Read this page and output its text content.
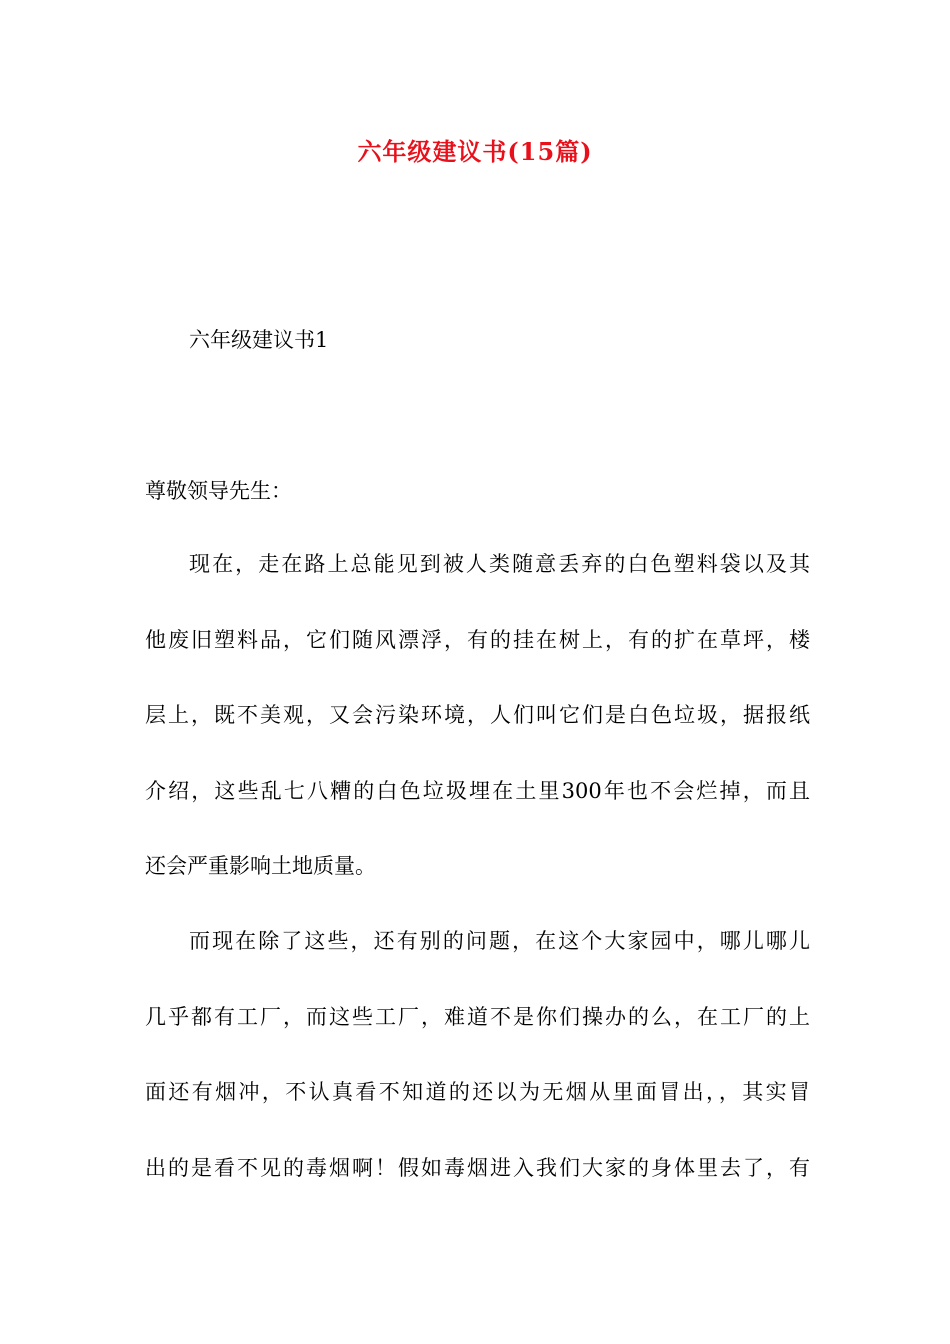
六年级建议书(15篇)
六年级建议书1
尊敬领导先生：
现在，走在路上总能见到被人类随意丢弃的白色塑料袋以及其
他废旧塑料品，它们随风漂浮，有的挂在树上，有的扩在草坪，楼
层上，既不美观，又会污染环境，人们叫它们是白色垃圾，据报纸
介绍，这些乱七八糟的白色垃圾埋在土里300年也不会烂掉，而且
还会严重影响土地质量。
而现在除了这些，还有别的问题，在这个大家园中，哪儿哪儿
几乎都有工厂，而这些工厂，难道不是你们操办的么，在工厂的上
面还有烟冲，不认真看不知道的还以为无烟从里面冒出，，其实冒
出的是看不见的毒烟啊！假如毒烟进入我们大家的身体里去了，有
